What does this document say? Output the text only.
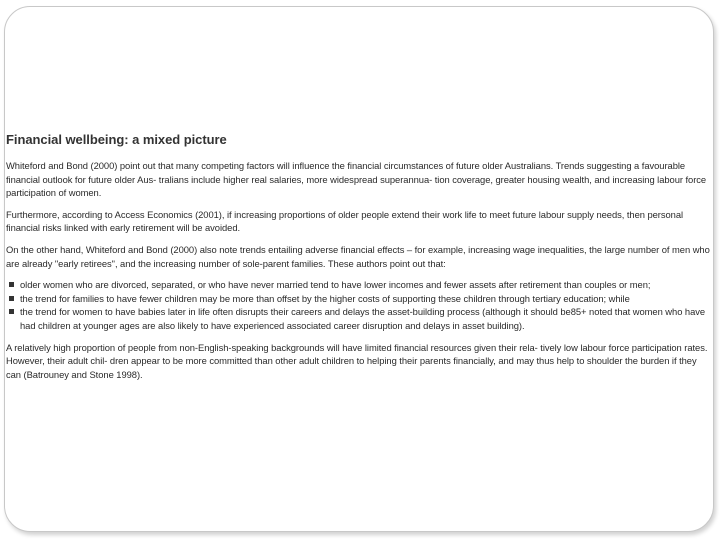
Financial wellbeing: a mixed picture

Whiteford and Bond (2000) point out that many competing factors will influence the financial circumstances of future older Australians. Trends suggesting a favourable financial outlook for future older Aus- tralians include higher real salaries, more widespread superannua- tion coverage, greater housing wealth, and increasing labour force participation of women.

Furthermore, according to Access Economics (2001), if increasing proportions of older people extend their work life to meet future labour supply needs, then personal financial risks linked with early retirement will be avoided.

On the other hand, Whiteford and Bond (2000) also note trends entailing adverse financial effects – for example, increasing wage inequalities, the large number of men who are already "early retirees", and the increasing number of sole-parent families. These authors point out that:

older women who are divorced, separated, or who have never married tend to have lower incomes and fewer assets after retirement than couples or men;
the trend for families to have fewer children may be more than offset by the higher costs of supporting these children through tertiary education; while
the trend for women to have babies later in life often disrupts their careers and delays the asset-building process (although it should be85+ noted that women who have had children at younger ages are also likely to have experienced associated career disruption and delays in asset building).

A relatively high proportion of people from non-English-speaking backgrounds will have limited financial resources given their rela- tively low labour force participation rates. However, their adult chil- dren appear to be more committed than other adult children to helping their parents financially, and may thus help to shoulder the burden if they can (Batrouney and Stone 1998).
